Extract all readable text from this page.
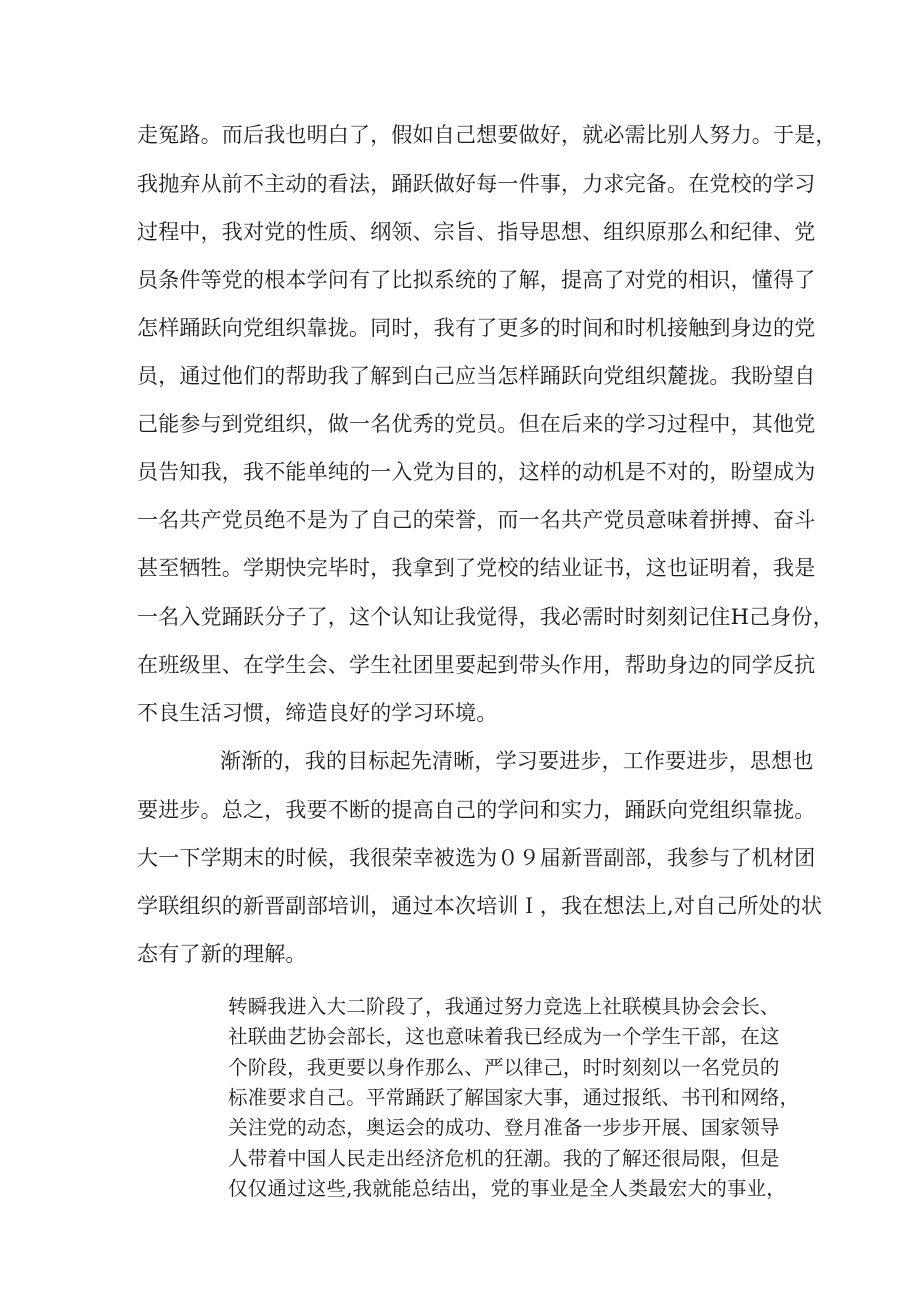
走冤路。而后我也明白了，假如自己想要做好，就必需比别人努力。于是，
我抛弃从前不主动的看法，踊跃做好每一件事，力求完备。在党校的学习
过程中，我对党的性质、纲领、宗旨、指导思想、组织原那么和纪律、党
员条件等党的根本学问有了比拟系统的了解，提高了对党的相识，懂得了
怎样踊跃向党组织靠拢。同时，我有了更多的时间和时机接触到身边的党
员，通过他们的帮助我了解到白己应当怎样踊跃向党组织麓拢。我盼望自
己能参与到党组织，做一名优秀的党员。但在后来的学习过程中，其他党
员告知我，我不能单纯的一入党为目的，这样的动机是不对的，盼望成为
一名共产党员绝不是为了自己的荣誉，而一名共产党员意味着拼搏、奋斗
甚至牺牲。学期快完毕时，我拿到了党校的结业证书，这也证明着，我是
一名入党踊跃分子了，这个认知让我觉得，我必需时时刻刻记住H己身份，
在班级里、在学生会、学生社团里要起到带头作用，帮助身边的同学反抗
不良生活习惯，缔造良好的学习环境。
渐渐的，我的目标起先清晰，学习要进步，工作要进步，思想也
要进步。总之，我要不断的提高自己的学问和实力，踊跃向党组织靠拢。
大一下学期末的时候，我很荣幸被选为０９届新晋副部，我参与了机材团
学联组织的新晋副部培训，通过本次培训Ｉ，我在想法上,对自己所处的状
态有了新的理解。
转瞬我进入大二阶段了，我通过努力竞选上社联模具协会会长、
社联曲艺协会部长，这也意味着我已经成为一个学生干部，在这
个阶段，我更要以身作那么、严以律己，时时刻刻以一名党员的
标准要求自己。平常踊跃了解国家大事，通过报纸、书刊和网络，
关注党的动态，奥运会的成功、登月准备一步步开展、国家领导
人带着中国人民走出经济危机的狂潮。我的了解还很局限，但是
仅仅通过这些,我就能总结出，党的事业是全人类最宏大的事业，
